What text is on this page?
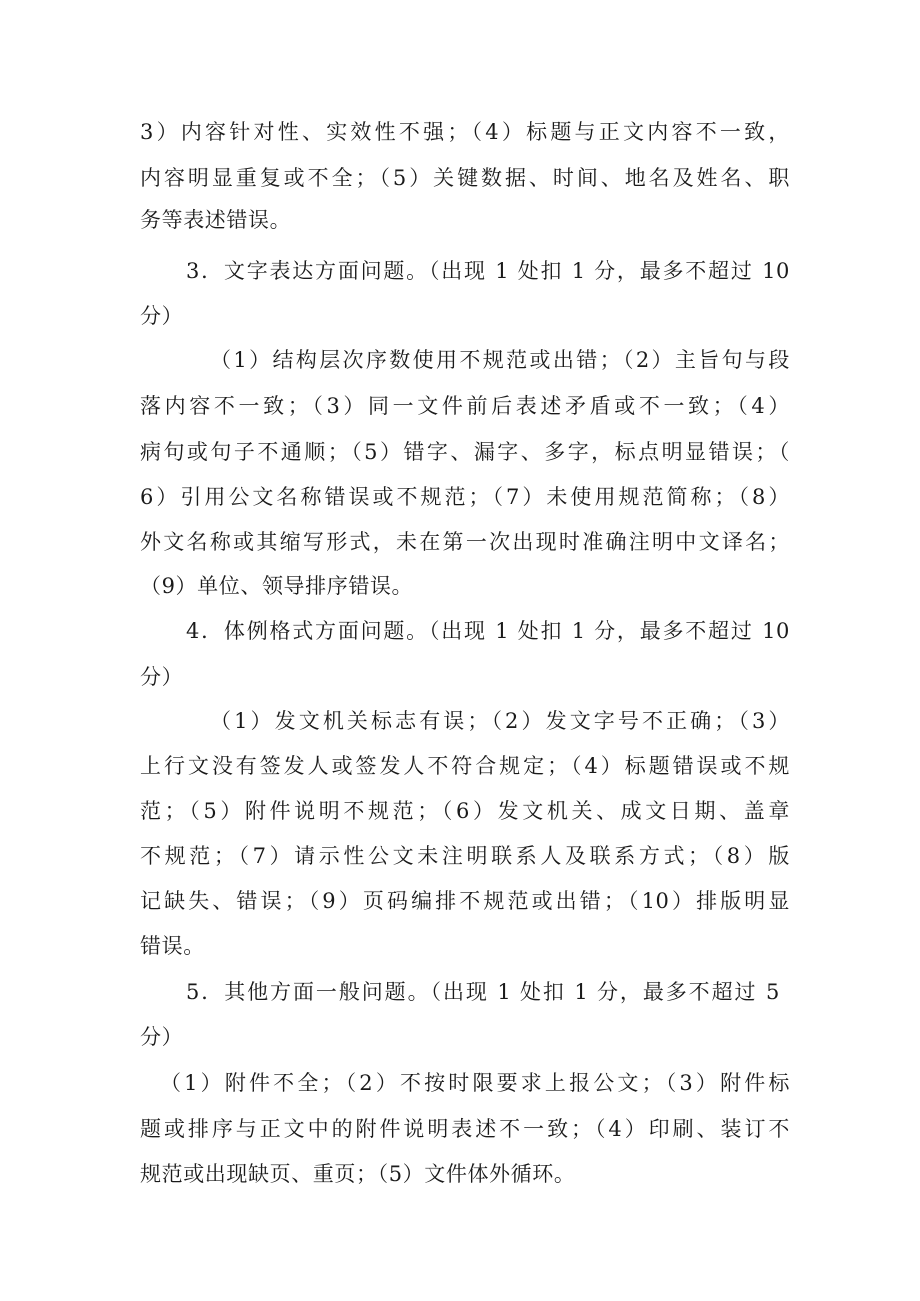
3）内容针对性、实效性不强；（4）标题与正文内容不一致，
内容明显重复或不全；（5）关键数据、时间、地名及姓名、职
务等表述错误。
3．文字表达方面问题。（出现 1 处扣 1 分，最多不超过 10
分）
（1）结构层次序数使用不规范或出错；（2）主旨句与段
落内容不一致；（3）同一文件前后表述矛盾或不一致；（4）
病句或句子不通顺；（5）错字、漏字、多字，标点明显错误；（
6）引用公文名称错误或不规范；（7）未使用规范简称；（8）
外文名称或其缩写形式，未在第一次出现时准确注明中文译名；
（9）单位、领导排序错误。
4．体例格式方面问题。（出现 1 处扣 1 分，最多不超过 10
分）
（1）发文机关标志有误；（2）发文字号不正确；（3）
上行文没有签发人或签发人不符合规定；（4）标题错误或不规
范；（5）附件说明不规范；（6）发文机关、成文日期、盖章
不规范；（7）请示性公文未注明联系人及联系方式；（8）版
记缺失、错误；（9）页码编排不规范或出错；（10）排版明显
错误。
5．其他方面一般问题。（出现 1 处扣 1 分，最多不超过 5
分）
（1）附件不全；（2）不按时限要求上报公文；（3）附件标
题或排序与正文中的附件说明表述不一致；（4）印刷、装订不
规范或出现缺页、重页；（5）文件体外循环。
